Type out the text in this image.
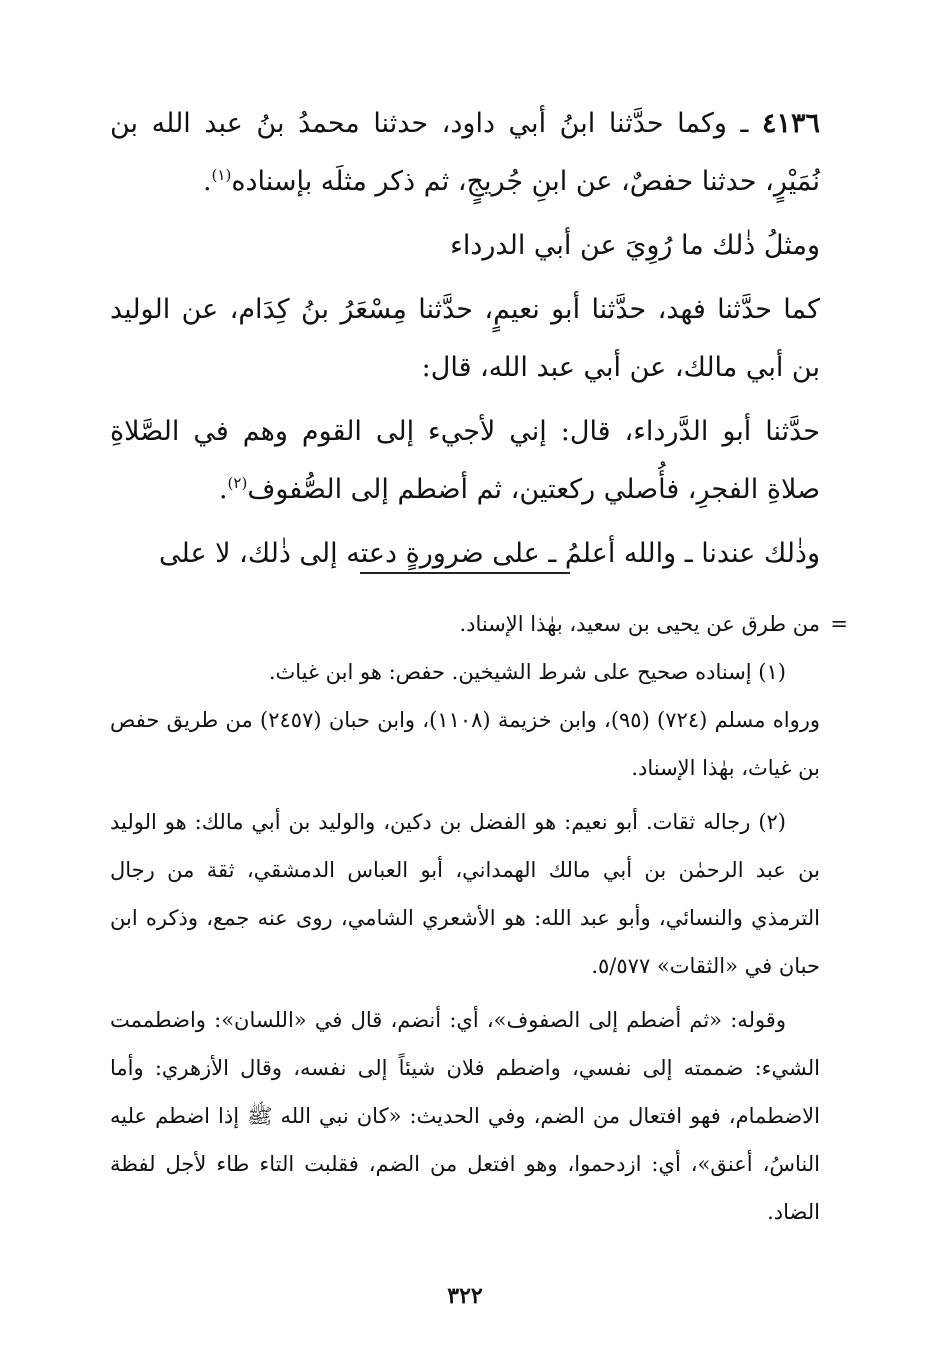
٤١٣٦ ـ وكما حدَّثنا ابنُ أبي داود، حدثنا محمدُ بنُ عبد الله بن نُمَيْرٍ، حدثنا حفصٌ، عن ابنِ جُريجٍ، ثم ذكر مثلَه بإسناده$^{(١)}$.

ومثلُ ذٰلك ما رُوِيَ عن أبي الدرداء

كما حدَّثنا فهد، حدَّثنا أبو نعيمٍ، حدَّثنا مِسْعَرُ بنُ كِدَام، عن الوليد بن أبي مالك، عن أبي عبد الله، قال:

حدَّثنا أبو الدَّرداء، قال: إني لأجيء إلى القوم وهم في الصَّلاةِ صلاةِ الفجرِ، فأُصلي ركعتين، ثم أضطم إلى الصُّفوف$^{(٢)}$.

وذٰلك عندنا ـ والله أعلمُ ـ على ضرورةٍ دعته إلى ذٰلك، لا على

=
من طرق عن يحيى بن سعيد، بهٰذا الإسناد.

(١) إسناده صحيح على شرط الشيخين. حفص: هو ابن غياث.

ورواه مسلم (٧٢٤) (٩٥)، وابن خزيمة (١١٠٨)، وابن حبان (٢٤٥٧) من طريق حفص بن غياث، بهٰذا الإسناد.

(٢) رجاله ثقات. أبو نعيم: هو الفضل بن دكين، والوليد بن أبي مالك: هو الوليد بن عبد الرحمٰن بن أبي مالك الهمداني، أبو العباس الدمشقي، ثقة من رجال الترمذي والنسائي، وأبو عبد الله: هو الأشعري الشامي، روى عنه جمع، وذكره ابن حبان في «الثقات» ٥/٥٧٧.

وقوله: «ثم أضطم إلى الصفوف»، أي: أنضم، قال في «اللسان»: واضطممت الشيء: ضممته إلى نفسي، واضطم فلان شيئاً إلى نفسه، وقال الأزهري: وأما الاضطمام، فهو افتعال من الضم، وفي الحديث: «كان نبي الله ﷺ إذا اضطم عليه الناسُ، أعنق»، أي: ازدحموا، وهو افتعل من الضم، فقلبت التاء طاء لأجل لفظة الضاد.

٣٢٢
